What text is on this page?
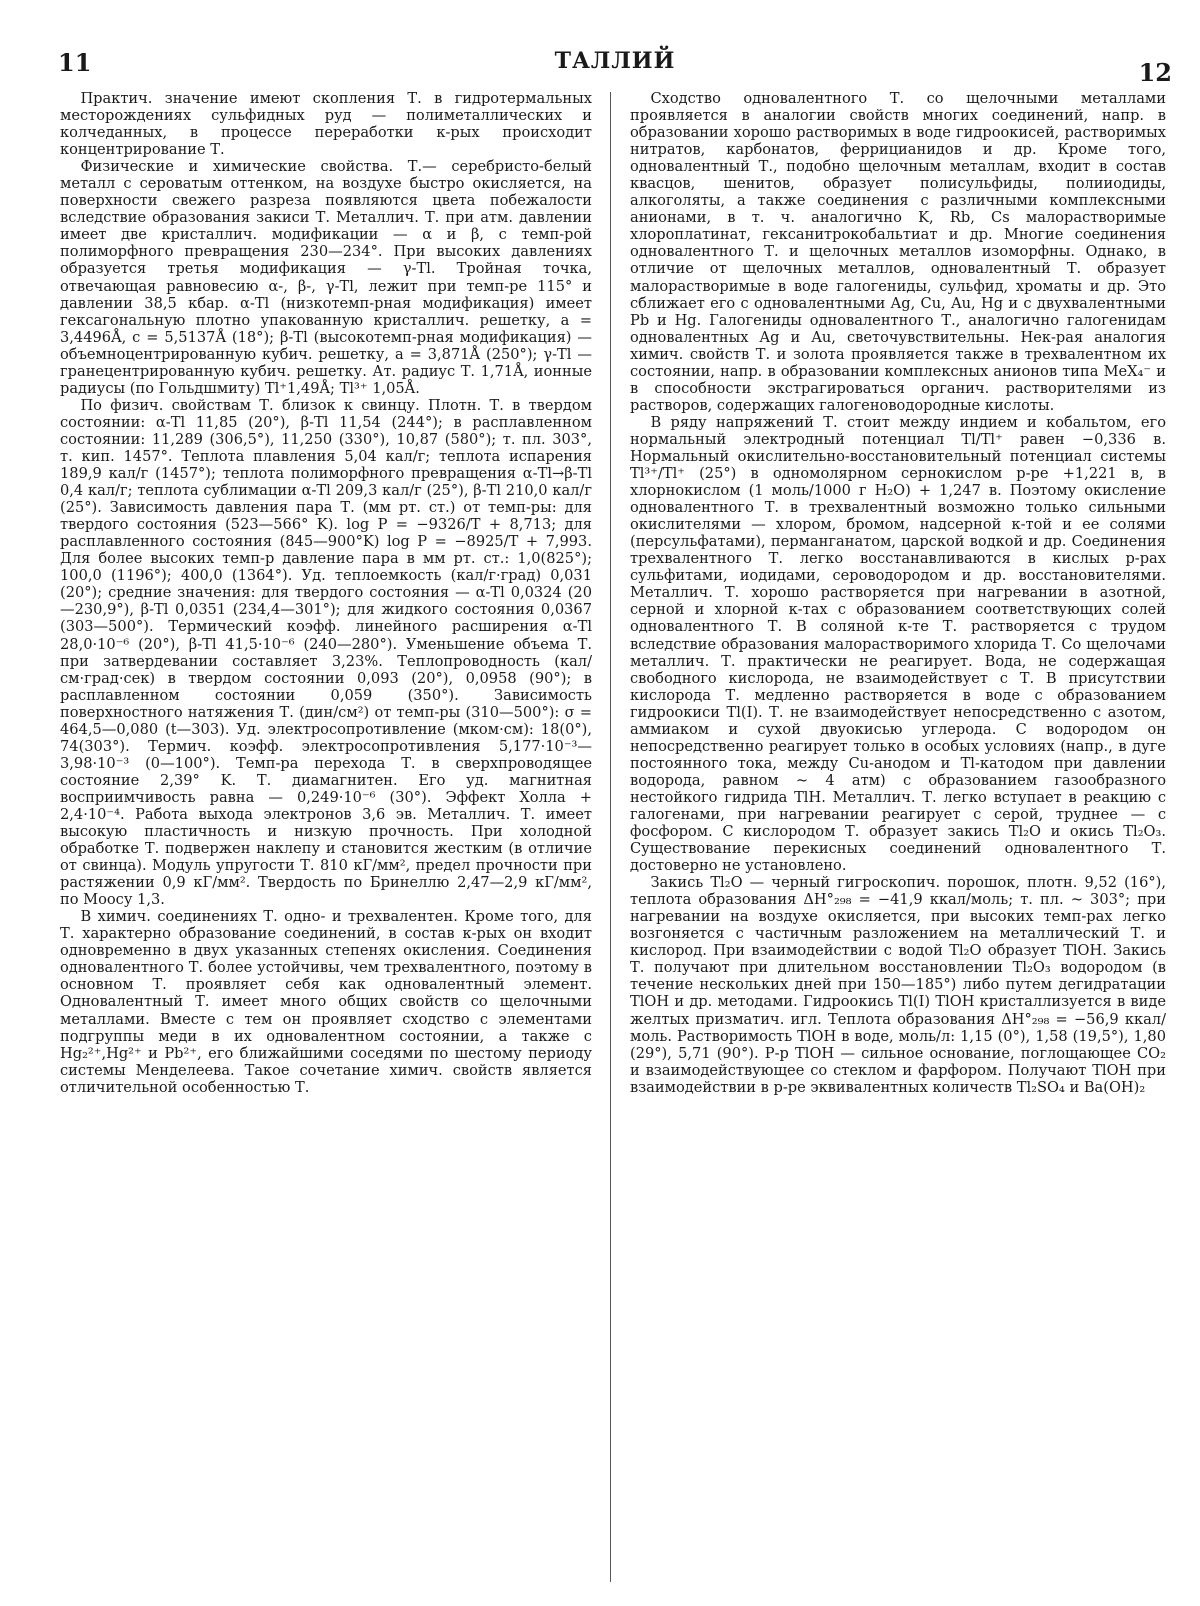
11	ТАЛЛИЙ	12

Практич. значение имеют скопления Т. в гидротермальных месторождениях сульфидных руд — полиметаллических и колчеданных, в процессе переработки к-рых происходит концентрирование Т.

Физические и химические свойства. Т.— серебристо-белый металл с сероватым оттенком, на воздухе быстро окисляется, на поверхности свежего разреза появляются цвета побежалости вследствие образования закиси Т. Металлич. Т. при атм. давлении имеет две кристаллич. модификации — α и β, с темп-рой полиморфного превращения 230—234°. При высоких давлениях образуется третья модификация — γ-Tl. Тройная точка, отвечающая равновесию α-, β-, γ-Tl, лежит при темп-ре 115° и давлении 38,5 кбар. α-Tl (низкотемп-рная модификация) имеет гексагональную плотно упакованную кристаллич. решетку, a = 3,4496Å, c = 5,5137Å (18°); β-Tl (высокотемп-рная модификация) — объемноцентрированную кубич. решетку, a = 3,871Å (250°); γ-Tl — гранецентрированную кубич. решетку. Ат. радиус Т. 1,71Å, ионные радиусы (по Гольдшмиту) Tl⁺1,49Å; Tl³⁺ 1,05Å.

По физич. свойствам Т. близок к свинцу. Плотн. Т. в твердом состоянии: α-Tl 11,85 (20°), β-Tl 11,54 (244°); в расплавленном состоянии: 11,289 (306,5°), 11,250 (330°), 10,87 (580°); т. пл. 303°, т. кип. 1457°. Теплота плавления 5,04 кал/г; теплота испарения 189,9 кал/г (1457°); теплота полиморфного превращения α-Tl→β-Tl 0,4 кал/г; теплота сублимации α-Tl 209,3 кал/г (25°), β-Tl 210,0 кал/г (25°). Зависимость давления пара Т. (мм рт. ст.) от темп-ры: для твердого состояния (523—566° K). log P = −9326/T + 8,713; для расплавленного состояния (845—900°K) log P = −8925/T + 7,993. Для более высоких темп-р давление пара в мм рт. ст.: 1,0(825°); 100,0 (1196°); 400,0 (1364°). Уд. теплоемкость (кал/г·град) 0,031 (20°); средние значения: для твердого состояния — α-Tl 0,0324 (20—230,9°), β-Tl 0,0351 (234,4—301°); для жидкого состояния 0,0367 (303—500°). Термический коэфф. линейного расширения α-Tl 28,0·10⁻⁶ (20°), β-Tl 41,5·10⁻⁶ (240—280°). Уменьшение объема Т. при затвердевании составляет 3,23%. Теплопроводность (кал/см·град·сек) в твердом состоянии 0,093 (20°), 0,0958 (90°); в расплавленном состоянии 0,059 (350°). Зависимость поверхностного натяжения Т. (дин/см²) от темп-ры (310—500°): σ = 464,5—0,080 (t—303). Уд. электросопротивление (мком·см): 18(0°), 74(303°). Термич. коэфф. электросопротивления 5,177·10⁻³—3,98·10⁻³ (0—100°). Темп-ра перехода Т. в сверхпроводящее состояние 2,39° K. Т. диамагнитен. Его уд. магнитная восприимчивость равна — 0,249·10⁻⁶ (30°). Эффект Холла + 2,4·10⁻⁴. Работа выхода электронов 3,6 эв. Металлич. Т. имеет высокую пластичность и низкую прочность. При холодной обработке Т. подвержен наклепу и становится жестким (в отличие от свинца). Модуль упругости Т. 810 кГ/мм², предел прочности при растяжении 0,9 кГ/мм². Твердость по Бринеллю 2,47—2,9 кГ/мм², по Моосу 1,3.

В химич. соединениях Т. одно- и трехвалентен. Кроме того, для Т. характерно образование соединений, в состав к-рых он входит одновременно в двух указанных степенях окисления. Соединения одновалентного Т. более устойчивы, чем трехвалентного, поэтому в основном Т. проявляет себя как одновалентный элемент. Одновалентный Т. имеет много общих свойств со щелочными металлами. Вместе с тем он проявляет сходство с элементами подгруппы меди в их одновалентном состоянии, а также с Hg₂²⁺,Hg²⁺ и Pb²⁺, его ближайшими соседями по шестому периоду системы Менделеева. Такое сочетание химич. свойств является отличительной особенностью Т.

Сходство одновалентного Т. со щелочными металлами проявляется в аналогии свойств многих соединений, напр. в образовании хорошо растворимых в воде гидроокисей, растворимых нитратов, карбонатов, феррицианидов и др. Кроме того, одновалентный Т., подобно щелочным металлам, входит в состав квасцов, шенитов, образует полисульфиды, полииодиды, алкоголяты, а также соединения с различными комплексными анионами, в т. ч. аналогично K, Rb, Cs малорастворимые хлороплатинат, гексанитрокобальтиат и др. Многие соединения одновалентного Т. и щелочных металлов изоморфны. Однако, в отличие от щелочных металлов, одновалентный Т. образует малорастворимые в воде галогениды, сульфид, хроматы и др. Это сближает его с одновалентными Ag, Cu, Au, Hg и с двухвалентными Pb и Hg. Галогениды одновалентного Т., аналогично галогенидам одновалентных Ag и Au, светочувствительны. Нек-рая аналогия химич. свойств Т. и золота проявляется также в трехвалентном их состоянии, напр. в образовании комплексных анионов типа MeX₄⁻ и в способности экстрагироваться органич. растворителями из растворов, содержащих галогеноводородные кислоты.

В ряду напряжений Т. стоит между индием и кобальтом, его нормальный электродный потенциал Tl/Tl⁺ равен −0,336 в. Нормальный окислительно-восстановительный потенциал системы Tl³⁺/Tl⁺ (25°) в одномолярном сернокислом р-ре +1,221 в, в хлорнокислом (1 моль/1000 г H₂O) + 1,247 в. Поэтому окисление одновалентного Т. в трехвалентный возможно только сильными окислителями — хлором, бромом, надсерной к-той и ее солями (персульфатами), перманганатом, царской водкой и др. Соединения трехвалентного Т. легко восстанавливаются в кислых р-рах сульфитами, иодидами, сероводородом и др. восстановителями. Металлич. Т. хорошо растворяется при нагревании в азотной, серной и хлорной к-тах с образованием соответствующих солей одновалентного Т. В соляной к-те Т. растворяется с трудом вследствие образования малорастворимого хлорида Т. Со щелочами металлич. Т. практически не реагирует. Вода, не содержащая свободного кислорода, не взаимодействует с Т. В присутствии кислорода Т. медленно растворяется в воде с образованием гидроокиси Tl(I). Т. не взаимодействует непосредственно с азотом, аммиаком и сухой двуокисью углерода. С водородом он непосредственно реагирует только в особых условиях (напр., в дуге постоянного тока, между Cu-анодом и Tl-катодом при давлении водорода, равном ~ 4 атм) с образованием газообразного нестойкого гидрида TlH. Металлич. Т. легко вступает в реакцию с галогенами, при нагревании реагирует с серой, труднее — с фосфором. С кислородом Т. образует закись Tl₂O и окись Tl₂O₃. Существование перекисных соединений одновалентного Т. достоверно не установлено.

Закись Tl₂O — черный гигроскопич. порошок, плотн. 9,52 (16°), теплота образования ΔH°₂₉₈ = −41,9 ккал/моль; т. пл. ~ 303°; при нагревании на воздухе окисляется, при высоких темп-рах легко возгоняется с частичным разложением на металлический Т. и кислород. При взаимодействии с водой Tl₂O образует TlOH. Закись Т. получают при длительном восстановлении Tl₂O₃ водородом (в течение нескольких дней при 150—185°) либо путем дегидратации TlOH и др. методами. Гидроокись Tl(I) TlOH кристаллизуется в виде желтых призматич. игл. Теплота образования ΔH°₂₉₈ = −56,9 ккал/моль. Растворимость TlOH в воде, моль/л: 1,15 (0°), 1,58 (19,5°), 1,80 (29°), 5,71 (90°). Р-р TlOH — сильное основание, поглощающее CO₂ и взаимодействующее со стеклом и фарфором. Получают TlOH при взаимодействии в р-ре эквивалентных количеств Tl₂SO₄ и Ba(OH)₂
